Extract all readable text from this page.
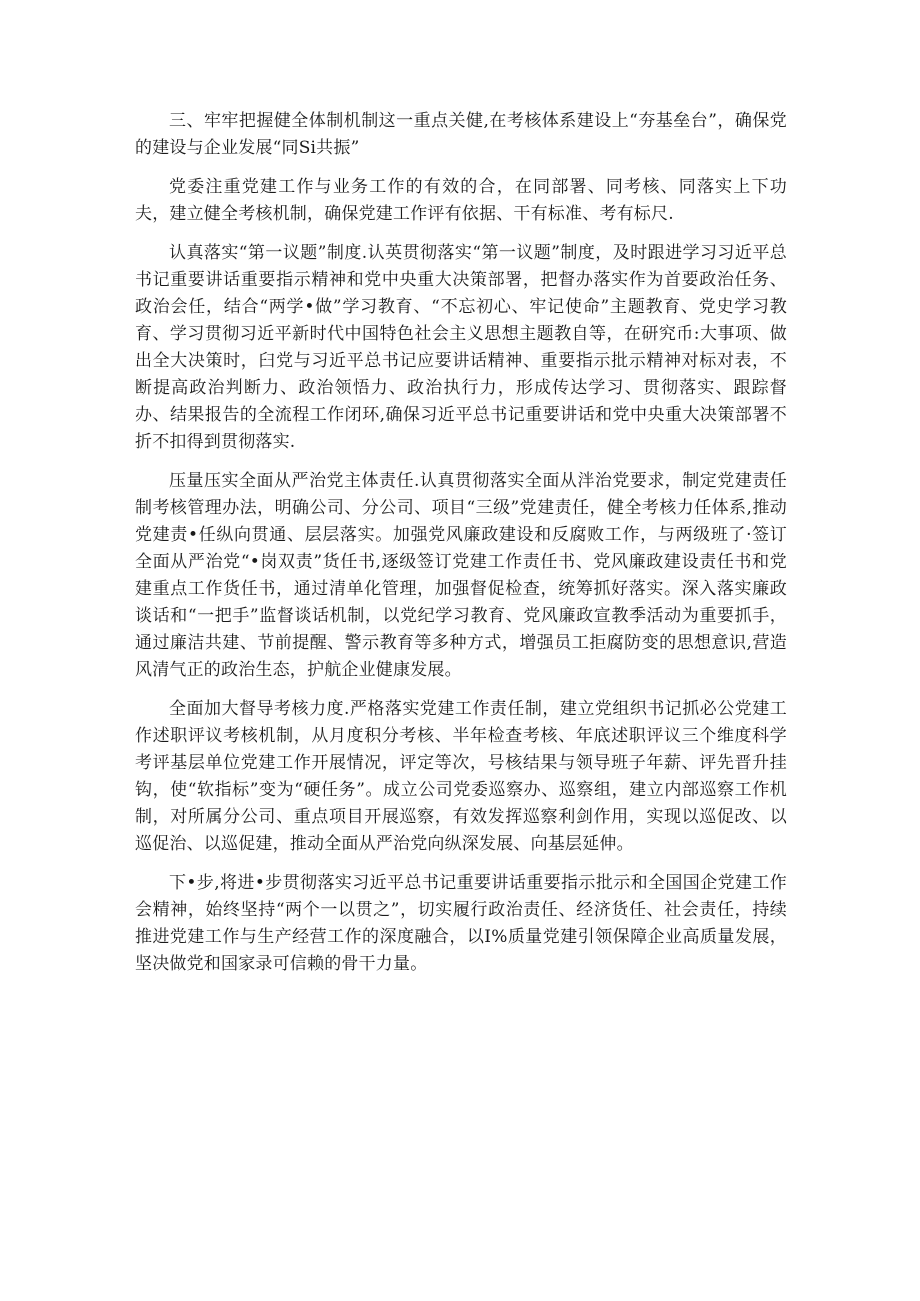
三、牢牢把握健全体制机制这一重点关健,在考核体系建设上“夯基垒台”，确保党的建设与企业发展“同Si共振”

党委注重党建工作与业务工作的有效的合，在同部署、同考核、同落实上下功夫，建立健全考核机制，确保党建工作评有依据、干有标准、考有标尺.

认真落实“第一议题”制度.认英贯彻落实“第一议题”制度，及时跟进学习习近平总书记重要讲话重要指示精神和党中央重大决策部署，把督办落实作为首要政治任务、政治会任，结合“两学•做”学习教育、“不忘初心、牢记使命”主题教育、党史学习教育、学习贯彻习近平新时代中国特色社会主义思想主题教自等，在研究币:大事项、做出全大决策时，臼党与习近平总书记应要讲话精神、重要指示批示精神对标对表，不断提高政治判断力、政治领悟力、政治执行力，形成传达学习、贯彻落实、跟踪督办、结果报告的全流程工作闭环,确保习近平总书记重要讲话和党中央重大决策部署不折不扣得到贯彻落实.

压量压实全面从严治党主体责任.认真贯彻落实全面从泮治党要求，制定党建责任制考核管理办法，明确公司、分公司、项目“三级”党建责任，健全考核力任体系,推动党建责•任纵向贯通、层层落实。加强党风廉政建设和反腐败工作，与两级班了·签订全面从严治党“•岗双责”货任书,逐级签订党建工作责任书、党风廉政建设责任书和党建重点工作货任书，通过清单化管理，加强督促检查，统筹抓好落实。深入落实廉政谈话和“一把手”监督谈话机制，以党纪学习教育、党风廉政宣教季活动为重要抓手，通过廉洁共建、节前提醒、警示教育等多种方式，增强员工拒腐防变的思想意识,营造风清气正的政治生态，护航企业健康发展。

全面加大督导考核力度.严格落实党建工作责任制，建立党组织书记抓必公党建工作述职评议考核机制，从月度积分考核、半年检查考核、年底述职评议三个维度科学考评基层单位党建工作开展情况，评定等次，号核结果与领导班子年薪、评先晋升挂钩，使“软指标”变为“硬任务”。成立公司党委巡察办、巡察组，建立内部巡察工作机制，对所属分公司、重点项目开展巡察，有效发挥巡察利剑作用，实现以巡促改、以巡促治、以巡促建，推动全面从严治党向纵深发展、向基层延伸。

下•步,将进•步贯彻落实习近平总书记重要讲话重要指示批示和全国国企党建工作会精神，始终坚持“两个一以贯之”，切实履行政治责任、经济货任、社会责任，持续推进党建工作与生产经营工作的深度融合，以I%质量党建引领保障企业高质量发展，坚决做党和国家录可信赖的骨干力量。
